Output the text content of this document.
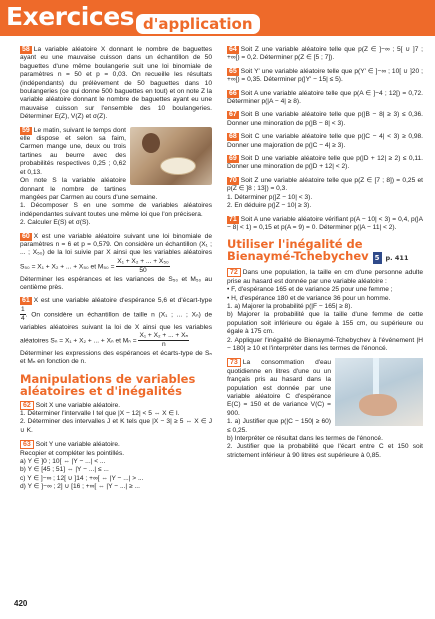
Exercices d'application
58 La variable aléatoire X donnant le nombre de baguettes ayant eu une mauvaise cuisson dans un échantillon de 50 baguettes d'une même boulangerie suit une loi binomiale de paramètres n = 50 et p = 0,03. On recueille les résultats (indépendants) du prélèvement de 50 baguettes dans 10 boulangeries (ce qui donne 500 baguettes en tout) et on note Z la variable aléatoire donnant le nombre de baguettes ayant eu une mauvaise cuisson sur l'ensemble des 10 boulangeries. Déterminer E(Z), V(Z) et σ(Z).
59 Le matin, suivant le temps dont elle dispose et selon sa faim, Carmen mange une, deux ou trois tartines au beurre avec des probabilités respectives 0,25 ; 0,62 et 0,13.

On note S la variable aléatoire donnant le nombre de tartines mangées par Carmen au cours d'une semaine.

1. Décomposer S en une somme de variables aléatoires indépendantes suivant toutes une même loi que l'on précisera.

2. Calculer E(S) et σ(S).

60 X est une variable aléatoire suivant une loi binomiale de paramètres n = 6 et p = 0,579. On considère un échantillon (X₁ ; ... ; X₅₀) de la loi suivie par X ainsi que les variables aléatoires S₅₀ = X₁ + X₂ + ... + X₅₀ et $M_{50} = \frac{\text{X₁ + X₂ + ... + X₅₀}}{50}$

Déterminer les espérances et les variances de S₅₀ et M₅₀ au centième près.

61 X est une variable aléatoire d'espérance 5,6 et d'écart-type
$\frac{1}{4}$ . On considère un échantillon de taille n (X₁ ; ... ; Xₙ) de variables aléatoires suivant la loi de X ainsi que les variables aléatoires Sₙ = X₁ + X₂ + ... + Xₙ et $M_n = \frac{\text{X₁ + X₂ + ... + Xₙ}}{n}$

Déterminer les expressions des espérances et écarts-type de Sₙ et Mₙ en fonction de n.

Manipulations de variables aléatoires et d'inégalités
62 Soit X une variable aléatoire.

1. Déterminer l'intervalle I tel que |X − 12| < 5 ⇔ X ∈ I.

2. Déterminer des intervalles J et K tels que |X − 3| ≥ 5 ⇔ X ∈ J ∪ K.

63 Soit Y une variable aléatoire.

Recopier et compléter les pointillés.

a) Y ∈ ]0 ; 10[ ⇔ |Y − ...| < ...

b) Y ∈ [45 ; 51] ⇔ |Y − ...| ≤ ...

c) Y ∈ ]−∞ ; 12[ ∪ ]14 ; +∞[ ⇔ |Y − ...| > ...

d) Y ∈ ]−∞ ; 2] ∪ [16 ; +∞[ ⇔ |Y − ...| ≥ ...

64 Soit Z une variable aléatoire telle que p(Z ∈ ]−∞ ; 5[ ∪ ]7 ; +∞[) = 0,2. Déterminer p(Z ∈ [5 ; 7]).
65 Soit Y' une variable aléatoire telle que p(Y' ∈ ]−∞ ; 10[ ∪ ]20 ; +∞[) = 0,35. Déterminer p(|Y' − 15| ≤ 5).
66 Soit A une variable aléatoire telle que p(A ∈ ]−4 ; 12[) = 0,72. Déterminer p(|A − 4| ≥ 8).
67 Soit B une variable aléatoire telle que p(|B − 8| ≥ 3) ≤ 0,36. Donner une minoration de p(|B − 8| < 3).
68 Soit C une variable aléatoire telle que p(|C − 4| < 3) ≥ 0,98. Donner une majoration de p(|C − 4| ≥ 3).
69 Soit D une variable aléatoire telle que p(|D + 12| ≥ 2) ≤ 0,11. Donner une minoration de p(|D + 12| < 2).
70 Soit Z une variable aléatoire telle que p(Z ∈ [7 ; 8]) = 0,25 et p(Z ∈ ]8 ; 13]) = 0,3.

1. Déterminer p(|Z − 10| < 3).

2. En déduire p(|Z − 10| ≥ 3).

71 Soit A une variable aléatoire vérifiant p(A − 10| < 3) = 0,4, p(|A − 8| < 1) = 0,15 et p(A = 9) = 0. Déterminer p(|A − 11| < 2).
Utiliser l'inégalité de Bienaymé-Tchebychev 5 p. 411
72 Dans une population, la taille en cm d'une personne adulte prise au hasard est donnée par une variable aléatoire :

• F, d'espérance 165 et de variance 25 pour une femme ;

• H, d'espérance 180 et de variance 36 pour un homme.

1. a) Majorer la probabilité p(|F − 165| ≥ 8).

b) Majorer la probabilité que la taille d'une femme de cette population soit inférieure ou égale à 155 cm, ou supérieure ou égale à 175 cm.

2. Appliquer l'inégalité de Bienaymé-Tchebychev à l'événement |H − 180| ≥ 10 et l'interpréter dans les termes de l'énoncé.

73 La consommation d'eau quotidienne en litres d'une ou un français pris au hasard dans la population est donnée par une variable aléatoire C d'espérance E(C) = 150 et de variance V(C) = 900.

1. a) Justifier que p(|C − 150| ≥ 60) ≤ 0,25.

b) Interpréter ce résultat dans les termes de l'énoncé.

2. Justifier que la probabilité que l'écart entre C et 150 soit strictement inférieur à 90 litres est supérieure à 0,85.

420
